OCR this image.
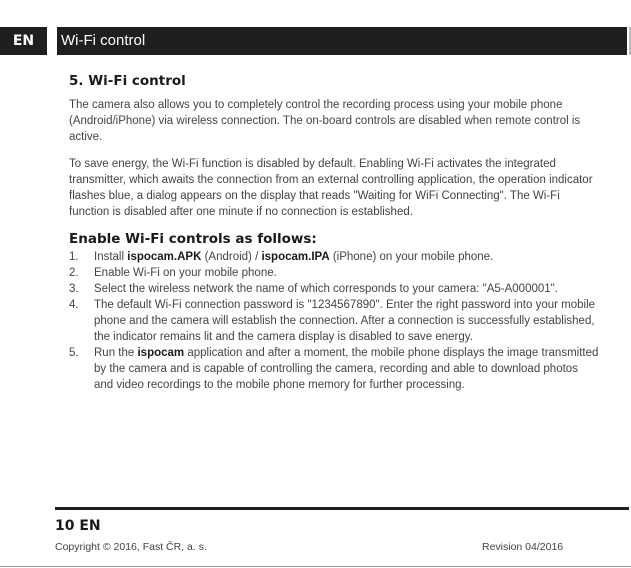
EN	Wi-Fi control
5. Wi-Fi control

The camera also allows you to completely control the recording process using your mobile phone (Android/iPhone) via wireless connection. The on-board controls are disabled when remote control is active.

To save energy, the Wi-Fi function is disabled by default. Enabling Wi-Fi activates the integrated transmitter, which awaits the connection from an external controlling application, the operation indicator flashes blue, a dialog appears on the display that reads "Waiting for WiFi Connecting". The Wi-Fi function is disabled after one minute if no connection is established.

Enable Wi-Fi controls as follows:
1. Install ispocam.APK (Android) / ispocam.IPA (iPhone) on your mobile phone.
2. Enable Wi-Fi on your mobile phone.
3. Select the wireless network the name of which corresponds to your camera: "A5-A000001".
4. The default Wi-Fi connection password is "1234567890". Enter the right password into your mobile phone and the camera will establish the connection. After a connection is successfully established, the indicator remains lit and the camera display is disabled to save energy.
5. Run the ispocam application and after a moment, the mobile phone displays the image transmitted by the camera and is capable of controlling the camera, recording and able to download photos and video recordings to the mobile phone memory for further processing.
10 EN
Copyright © 2016, Fast ČR, a. s.	Revision 04/2016
